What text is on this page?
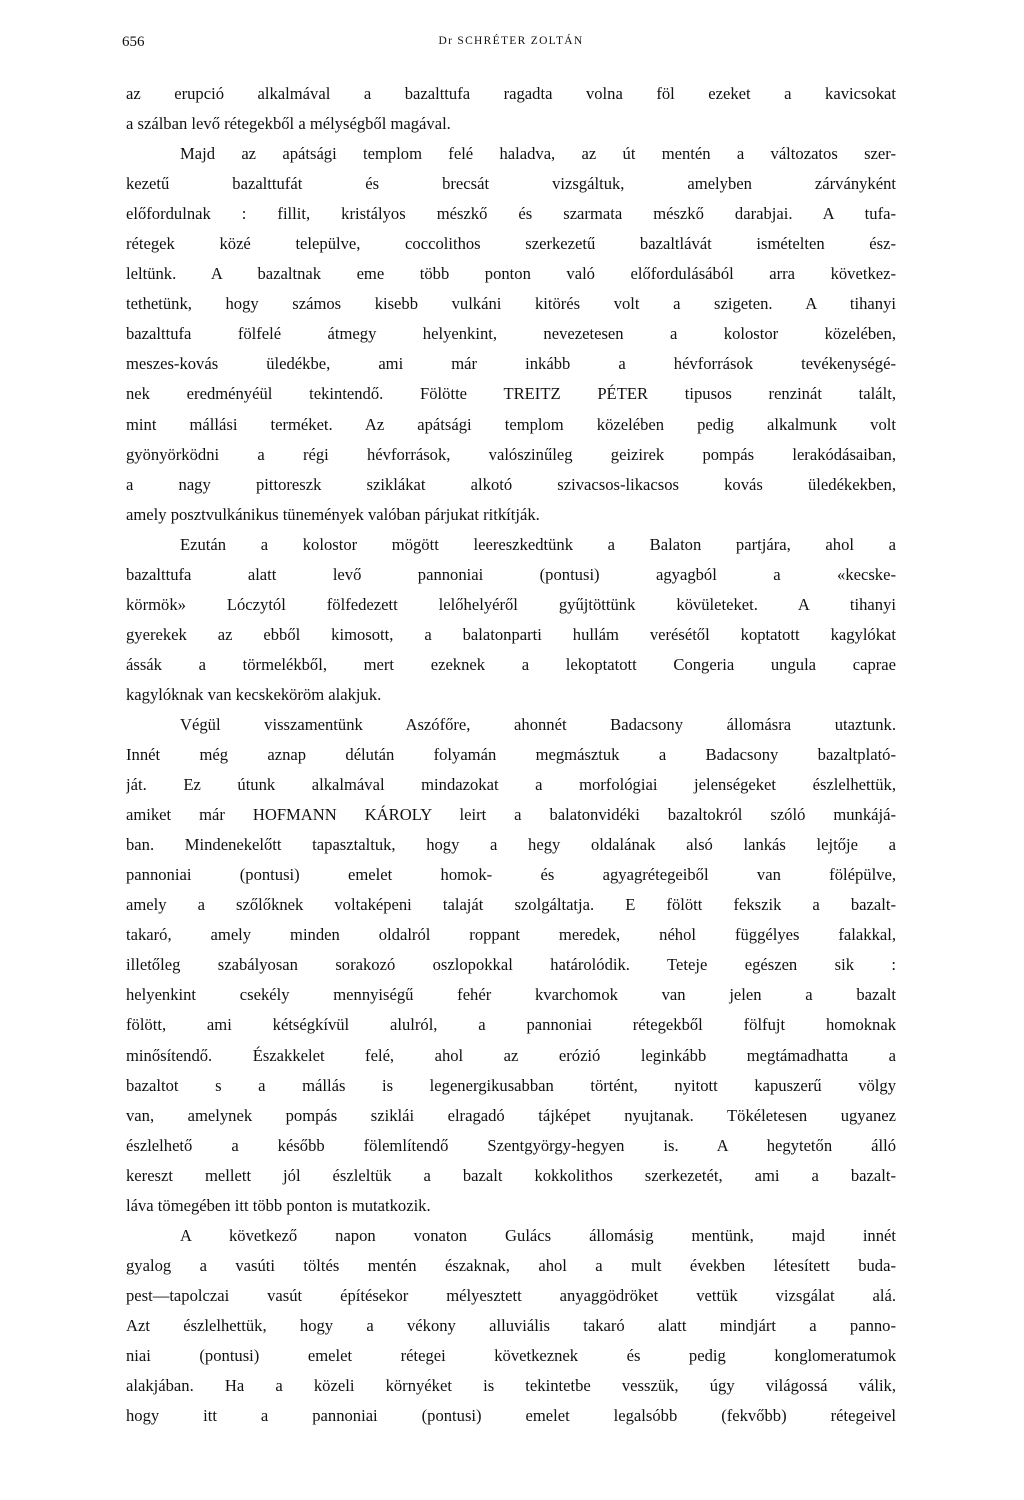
656	Dr SCHRÉTER ZOLTÁN
az erupció alkalmával a bazalttufa ragadta volna föl ezeket a kavicsokat
a szálban levő rétegekből a mélységből magával.
Majd az apátsági templom felé haladva, az út mentén a változatos szer-
kezetű bazalttufát és brecsát vizsgáltuk, amelyben zárványként
előfordulnak : fillit, kristályos mészkő és szarmata mészkő darabjai. A tufa-
rétegek közé települve, coccolithos szerkezetű bazaltlávát ismételten ész-
leltünk. A bazaltnak eme több ponton való előfordulásából arra következ-
tethetünk, hogy számos kisebb vulkáni kitörés volt a szigeten. A tihanyi
bazalttufa fölfelé átmegy helyenkint, nevezetesen a kolostor közelében,
meszes-kovás üledékbe, ami már inkább a hévforrások tevékenységé-
nek eredményéül tekintendő. Fölötte TREITZ PÉTER tipusos renzinát talált,
mint mállási terméket. Az apátsági templom közelében pedig alkalmunk volt
gyönyörködni a régi hévforrások, valószinűleg geizirek pompás lerakódásaiban,
a nagy pittoreszk sziklákat alkotó szivacsos-likacsos kovás üledékekben,
amely posztvulkánikus tünemények valóban párjukat ritkítják.
Ezután a kolostor mögött leereszkedtünk a Balaton partjára, ahol a
bazalttufa alatt levő pannoniai (pontusi) agyagból a «kecske-
körmök» Lóczytól fölfedezett lelőhelyéről gyűjtöttünk kövületeket. A tihanyi
gyerekek az ebből kimosott, a balatonparti hullám verésétől koptatott kagylókat
ássák a törmelékből, mert ezeknek a lekoptatott Congeria ungula caprae
kagylóknak van kecskeköröm alakjuk.
Végül visszamentünk Aszófőre, ahonnét Badacsony állomásra utaztunk.
Innét még aznap délután folyamán megmásztuk a Badacsony bazaltplató-
ját. Ez útunk alkalmával mindazokat a morfológiai jelenségeket észlelhettük,
amiket már HOFMANN KÁROLY leirt a balatonvidéki bazaltokról szóló munkájá-
ban. Mindenekelőtt tapasztaltuk, hogy a hegy oldalának alsó lankás lejtője a
pannoniai (pontusi) emelet homok- és agyagrétegeiből van fölépülve,
amely a szőlőknek voltaképeni talaját szolgáltatja. E fölött fekszik a bazalt-
takaró, amely minden oldalról roppant meredek, néhol függélyes falakkal,
illetőleg szabályosan sorakozó oszlopokkal határolódik. Teteje egészen sik :
helyenkint csekély mennyiségű fehér kvarchomok van jelen a bazalt
fölött, ami kétségkívül alulról, a pannoniai rétegekből fölfujt homoknak
minősítendő. Északkelet felé, ahol az erózió leginkább megtámadhatta a
bazaltot s a mállás is legenergikusabban történt, nyitott kapuszerű völgy
van, amelynek pompás sziklái elragadó tájképet nyujtanak. Tökéletesen ugyanez
észlelhető a később fölemlítendő Szentgyörgy-hegyen is. A hegytetőn álló
kereszt mellett jól észleltük a bazalt kokkolithos szerkezetét, ami a bazalt-
láva tömegében itt több ponton is mutatkozik.
A következő napon vonaton Gulács állomásig mentünk, majd innét
gyalog a vasúti töltés mentén északnak, ahol a mult években létesített buda-
pest—tapolczai vasút építésekor mélyesztett anyaggödröket vettük vizsgálat alá.
Azt észlelhettük, hogy a vékony alluviális takaró alatt mindjárt a panno-
niai (pontusi) emelet rétegei következnek és pedig konglomeratumok
alakjában. Ha a közeli környéket is tekintetbe vesszük, úgy világossá válik,
hogy itt a pannoniai (pontusi) emelet legalsóbb (fekvőbb) rétegeivel
